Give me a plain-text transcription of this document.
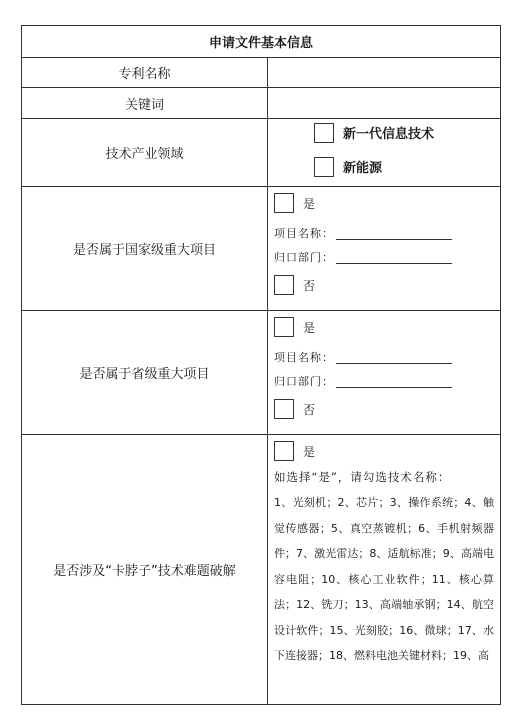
申请文件基本信息	
专利名称	
关键词	
技术产业领域	新一代信息技术
新能源

是否属于国家级重大项目	是
项目名称：
归口部门：
否

是否属于省级重大项目	是
项目名称：
归口部门：
否

是否涉及“卡脖子”技术难题破解	是
如选择“是”，请勾选技术名称：
1、光刻机；2、芯片；3、操作系统；4、触觉传感器；5、真空蒸镀机；6、手机射频器件；7、激光雷达；8、适航标准；9、高端电容电阻；10、核心工业软件；11、核心算法；12、铣刀；13、高端轴承钢；14、航空设计软件；15、光刻胶；16、微球；17、水下连接器；18、燃料电池关键材料；19、高
